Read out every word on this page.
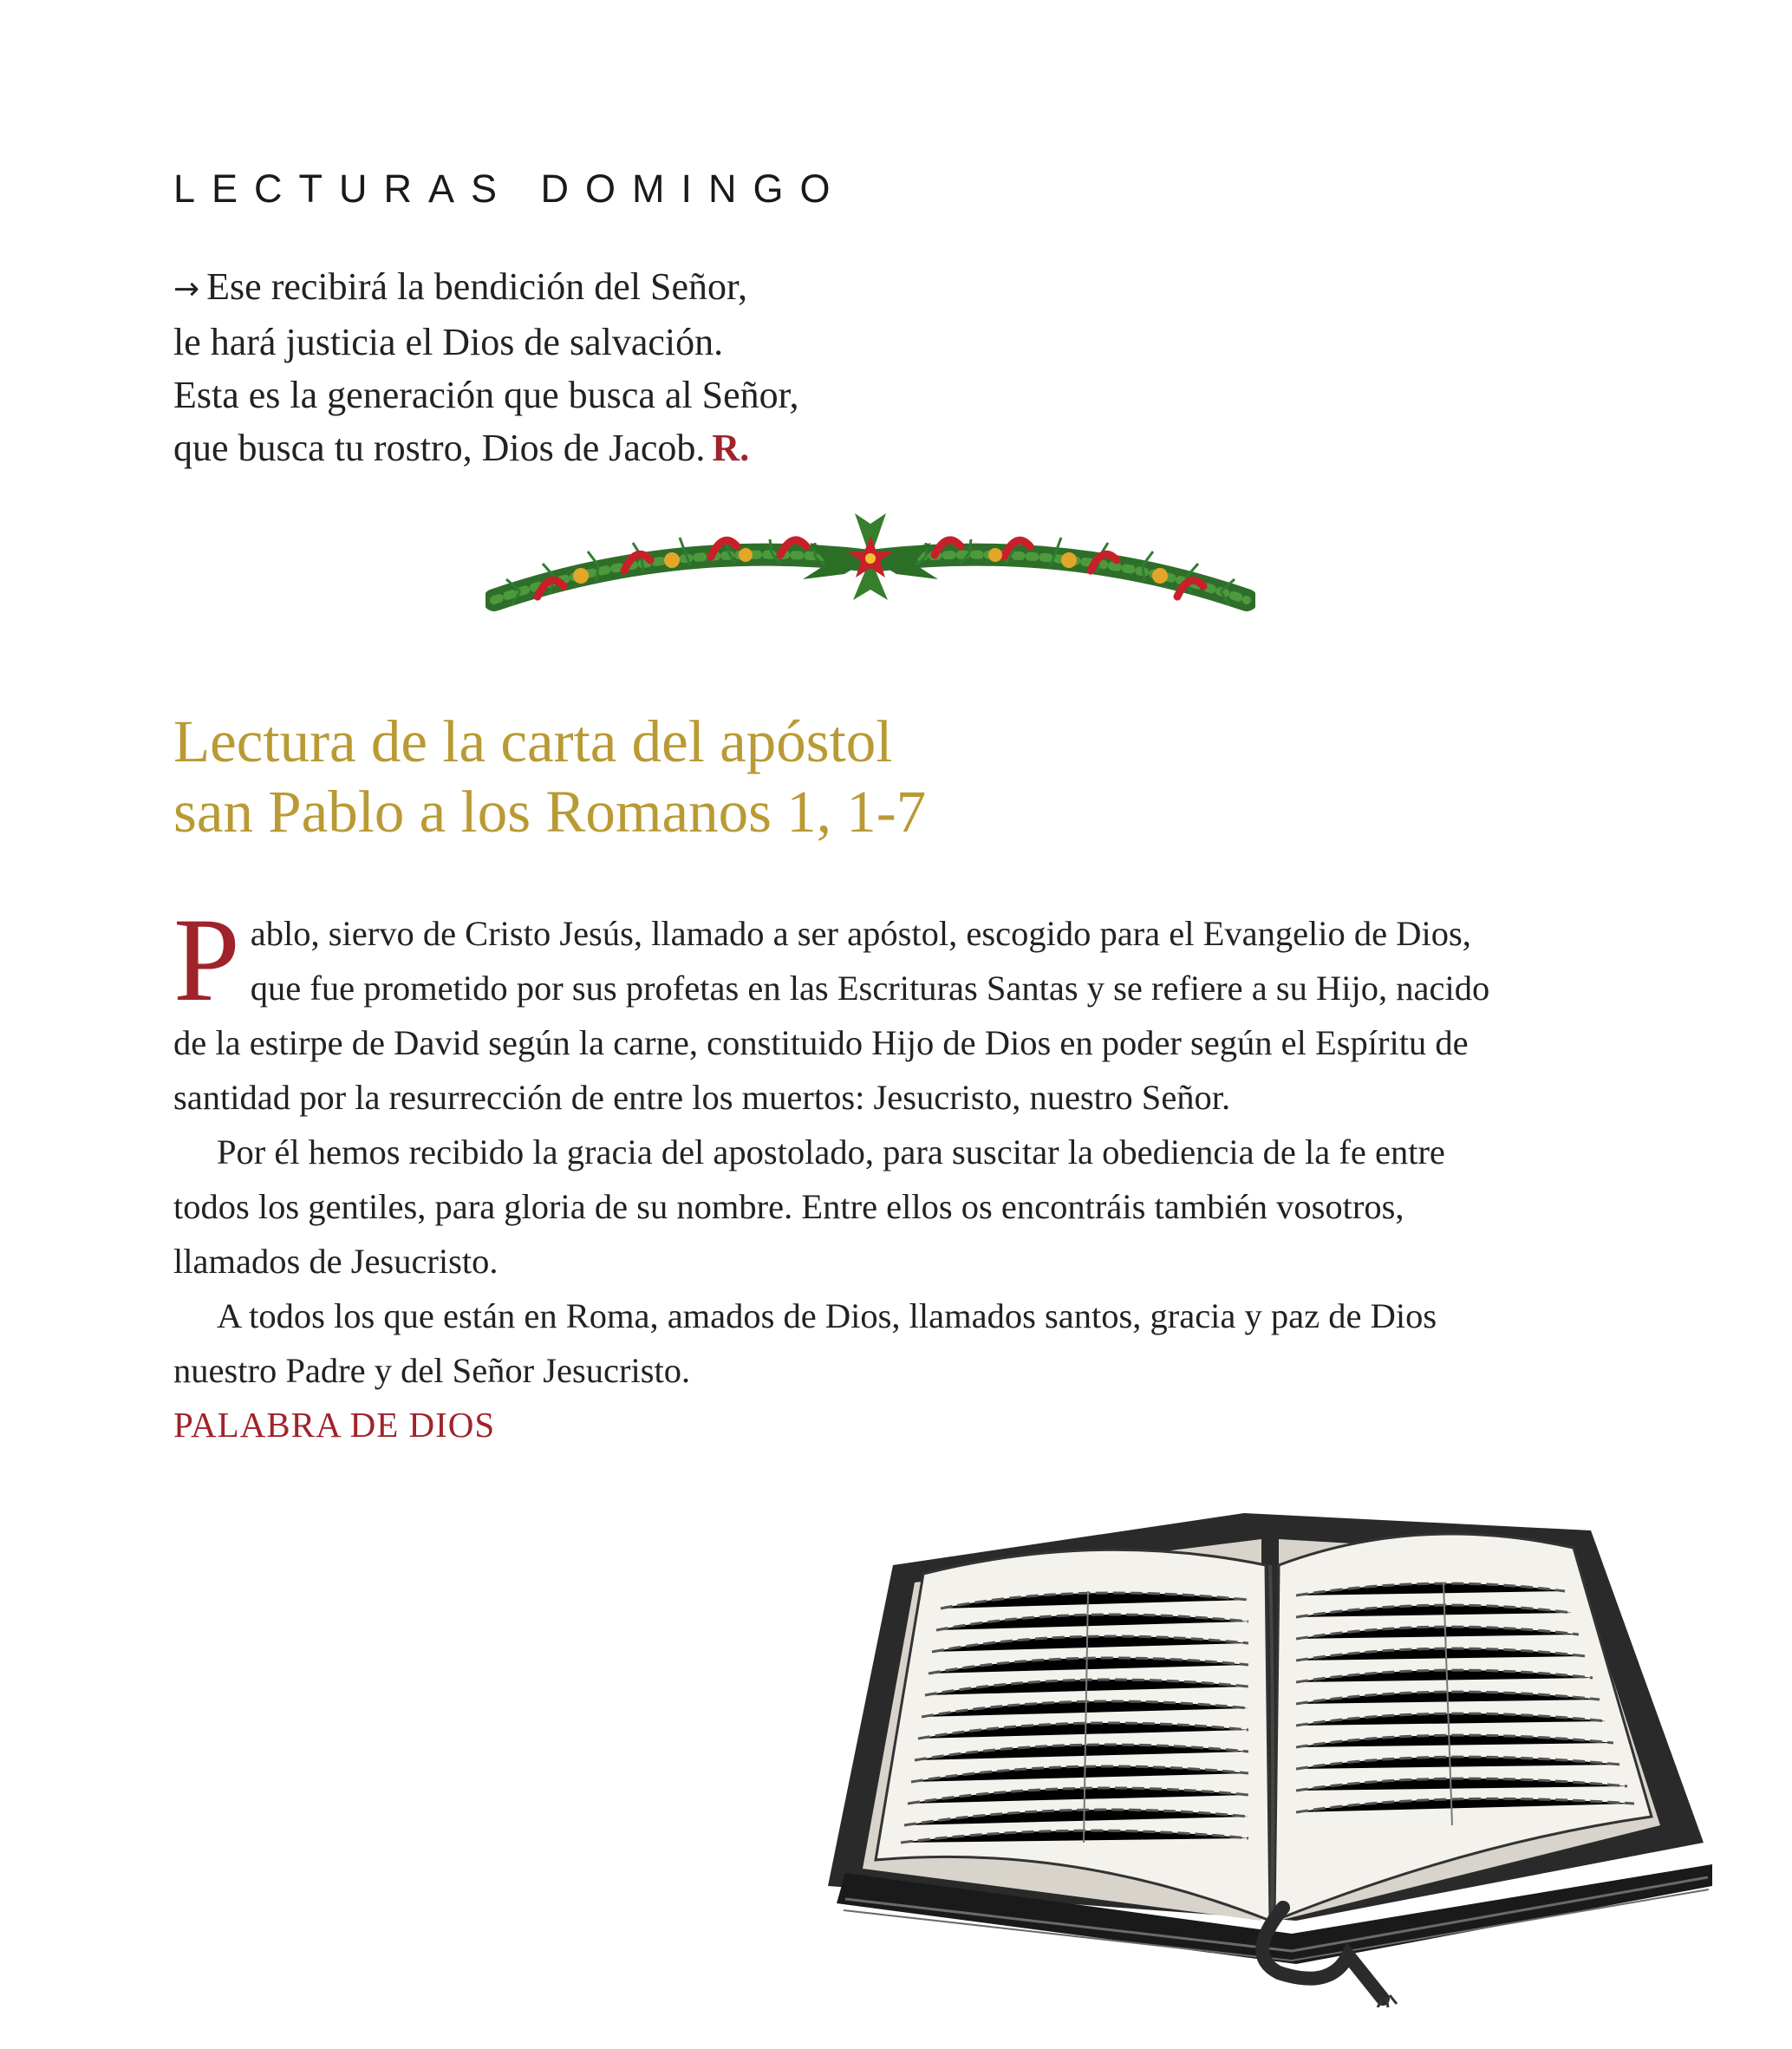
LECTURAS DOMINGO
→ Ese recibirá la bendición del Señor,
le hará justicia el Dios de salvación.
Esta es la generación que busca al Señor,
que busca tu rostro, Dios de Jacob. R.
Lectura de la carta del apóstol
san Pablo a los Romanos 1, 1-7

Pablo, siervo de Cristo Jesús, llamado a ser apóstol, escogido para el Evangelio de Dios, que fue prometido por sus profetas en las Escrituras Santas y se refiere a su Hijo, nacido de la estirpe de David según la carne, constituido Hijo de Dios en poder según el Espíritu de santidad por la resurrección de entre los muertos: Jesucristo, nuestro Señor.

Por él hemos recibido la gracia del apostolado, para suscitar la obediencia de la fe entre todos los gentiles, para gloria de su nombre. Entre ellos os encontráis también vosotros, llamados de Jesucristo.

A todos los que están en Roma, amados de Dios, llamados santos, gracia y paz de Dios nuestro Padre y del Señor Jesucristo.

PALABRA DE DIOS
